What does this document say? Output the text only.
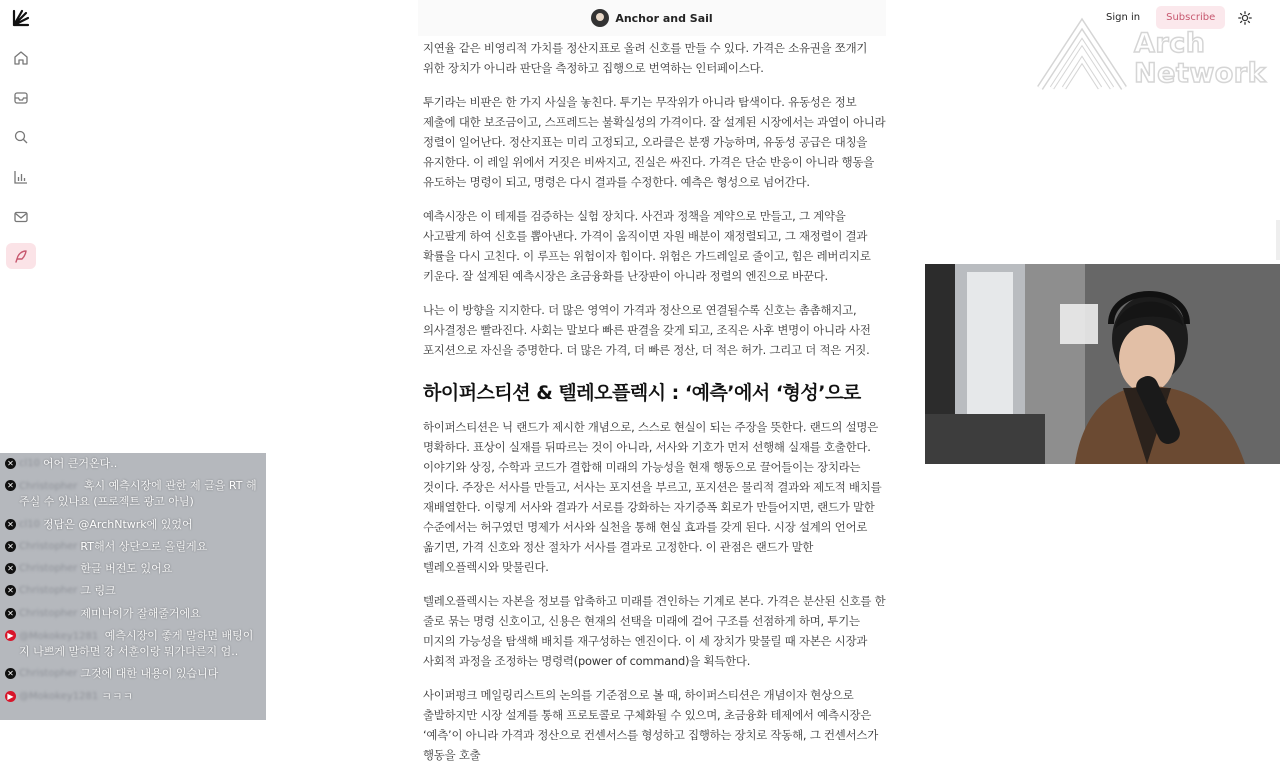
Anchor and Sail	Sign in	Subscribe
Arch
Network

지연율 같은 비영리적 가치를 정산지표로 올려 신호를 만들 수 있다. 가격은 소유권을 쪼개기 위한 장치가 아니라 판단을 측정하고 집행으로 번역하는 인터페이스다.

투기라는 비판은 한 가지 사실을 놓친다. 투기는 무작위가 아니라 탐색이다. 유동성은 정보 제출에 대한 보조금이고, 스프레드는 불확실성의 가격이다. 잘 설계된 시장에서는 과열이 아니라 정렬이 일어난다. 정산지표는 미리 고정되고, 오라클은 분쟁 가능하며, 유동성 공급은 대칭을 유지한다. 이 레일 위에서 거짓은 비싸지고, 진실은 싸진다. 가격은 단순 반응이 아니라 행동을 유도하는 명령이 되고, 명령은 다시 결과를 수정한다. 예측은 형성으로 넘어간다.

예측시장은 이 테제를 검증하는 실험 장치다. 사건과 정책을 계약으로 만들고, 그 계약을 사고팔게 하여 신호를 뽑아낸다. 가격이 움직이면 자원 배분이 재정렬되고, 그 재정렬이 결과 확률을 다시 고친다. 이 루프는 위험이자 힘이다. 위험은 가드레일로 줄이고, 힘은 레버리지로 키운다. 잘 설계된 예측시장은 초금융화를 난장판이 아니라 정렬의 엔진으로 바꾼다.

나는 이 방향을 지지한다. 더 많은 영역이 가격과 정산으로 연결될수록 신호는 촘촘해지고, 의사결정은 빨라진다. 사회는 말보다 빠른 판결을 갖게 되고, 조직은 사후 변명이 아니라 사전 포지션으로 자신을 증명한다. 더 많은 가격, 더 빠른 정산, 더 적은 허가. 그리고 더 적은 거짓.

하이퍼스티션 & 텔레오플렉시 : ‘예측’에서 ‘형성’으로

하이퍼스티션은 닉 랜드가 제시한 개념으로, 스스로 현실이 되는 주장을 뜻한다. 랜드의 설명은 명확하다. 표상이 실재를 뒤따르는 것이 아니라, 서사와 기호가 먼저 선행해 실재를 호출한다. 이야기와 상징, 수학과 코드가 결합해 미래의 가능성을 현재 행동으로 끌어들이는 장치라는 것이다. 주장은 서사를 만들고, 서사는 포지션을 부르고, 포지션은 물리적 결과와 제도적 배치를 재배열한다. 이렇게 서사와 결과가 서로를 강화하는 자기증폭 회로가 만들어지면, 랜드가 말한 수준에서는 허구였던 명제가 서사와 실천을 통해 현실 효과를 갖게 된다. 시장 설계의 언어로 옮기면, 가격 신호와 정산 절차가 서사를 결과로 고정한다. 이 관점은 랜드가 말한 텔레오플렉시와 맞물린다.

텔레오플렉시는 자본을 정보를 압축하고 미래를 견인하는 기계로 본다. 가격은 분산된 신호를 한 줄로 묶는 명령 신호이고, 신용은 현재의 선택을 미래에 걸어 구조를 선점하게 하며, 투기는 미지의 가능성을 탐색해 배치를 재구성하는 엔진이다. 이 세 장치가 맞물릴 때 자본은 시장과 사회적 과정을 조정하는 명령력(power of command)을 획득한다.

사이퍼펑크 메일링리스트의 논의를 기준점으로 볼 때, 하이퍼스티션은 개념이자 현상으로 출발하지만 시장 설계를 통해 프로토콜로 구체화될 수 있으며, 초금융화 테제에서 예측시장은 ‘예측’이 아니라 가격과 정산으로 컨센서스를 형성하고 집행하는 장치로 작동해, 그 컨센서스가 행동을 호출

✕ cl10 어어 큰거온다..
✕ Christopher 혹시 예측시장에 관한 제 글을 RT 해주실 수 있나요 (프로젝트 광고 아님)
✕ cl10 정답은 @ArchNtwrk에 있었어
✕ Christopher RT해서 상단으로 올릴게요
✕ Christopher 한글 버전도 있어요
✕ Christopher 그 링크
✕ Christopher 제미나이가 잘해줄거에요
▶ @Mokokey1281 예측시장이 좋게 말하면 배팅이지 나쁘게 말하면 강 서훈이랑 뭐가다른지 엄..
✕ Christopher 그것에 대한 내용이 있습니다
▶ @Mokokey1281 ㅋㅋㅋ
